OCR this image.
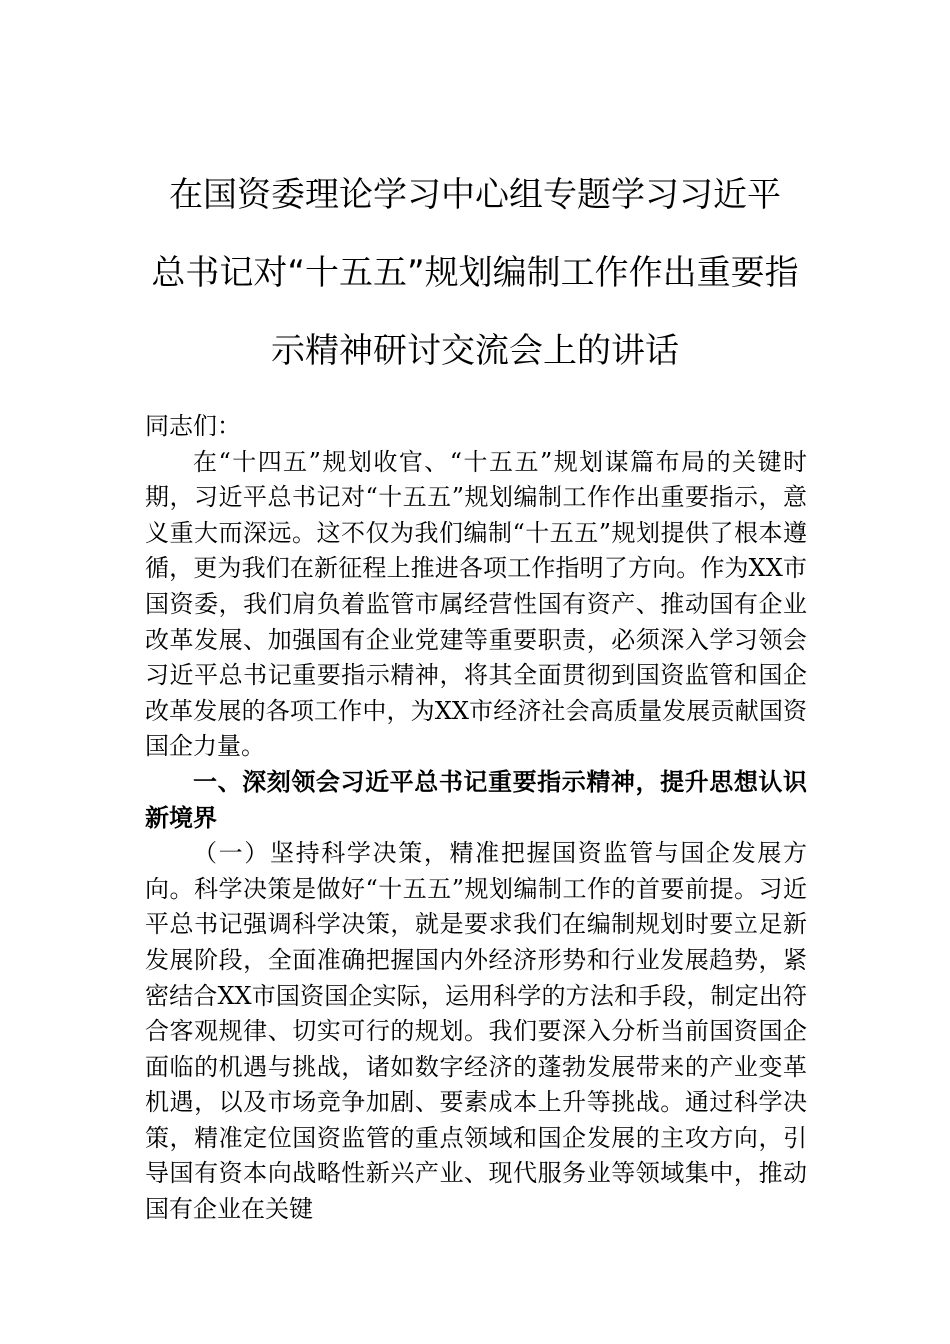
在国资委理论学习中心组专题学习习近平
总书记对“十五五”规划编制工作作出重要指
示精神研讨交流会上的讲话

同志们：

在“十四五”规划收官、“十五五”规划谋篇布局的关键时期，习近平总书记对“十五五”规划编制工作作出重要指示，意义重大而深远。这不仅为我们编制“十五五”规划提供了根本遵循，更为我们在新征程上推进各项工作指明了方向。作为XX市国资委，我们肩负着监管市属经营性国有资产、推动国有企业改革发展、加强国有企业党建等重要职责，必须深入学习领会习近平总书记重要指示精神，将其全面贯彻到国资监管和国企改革发展的各项工作中，为XX市经济社会高质量发展贡献国资国企力量。

一、深刻领会习近平总书记重要指示精神，提升思想认识新境界

（一）坚持科学决策，精准把握国资监管与国企发展方向。科学决策是做好“十五五”规划编制工作的首要前提。习近平总书记强调科学决策，就是要求我们在编制规划时要立足新发展阶段，全面准确把握国内外经济形势和行业发展趋势，紧密结合XX市国资国企实际，运用科学的方法和手段，制定出符合客观规律、切实可行的规划。我们要深入分析当前国资国企面临的机遇与挑战，诸如数字经济的蓬勃发展带来的产业变革机遇，以及市场竞争加剧、要素成本上升等挑战。通过科学决策，精准定位国资监管的重点领域和国企发展的主攻方向，引导国有资本向战略性新兴产业、现代服务业等领域集中，推动国有企业在关键
